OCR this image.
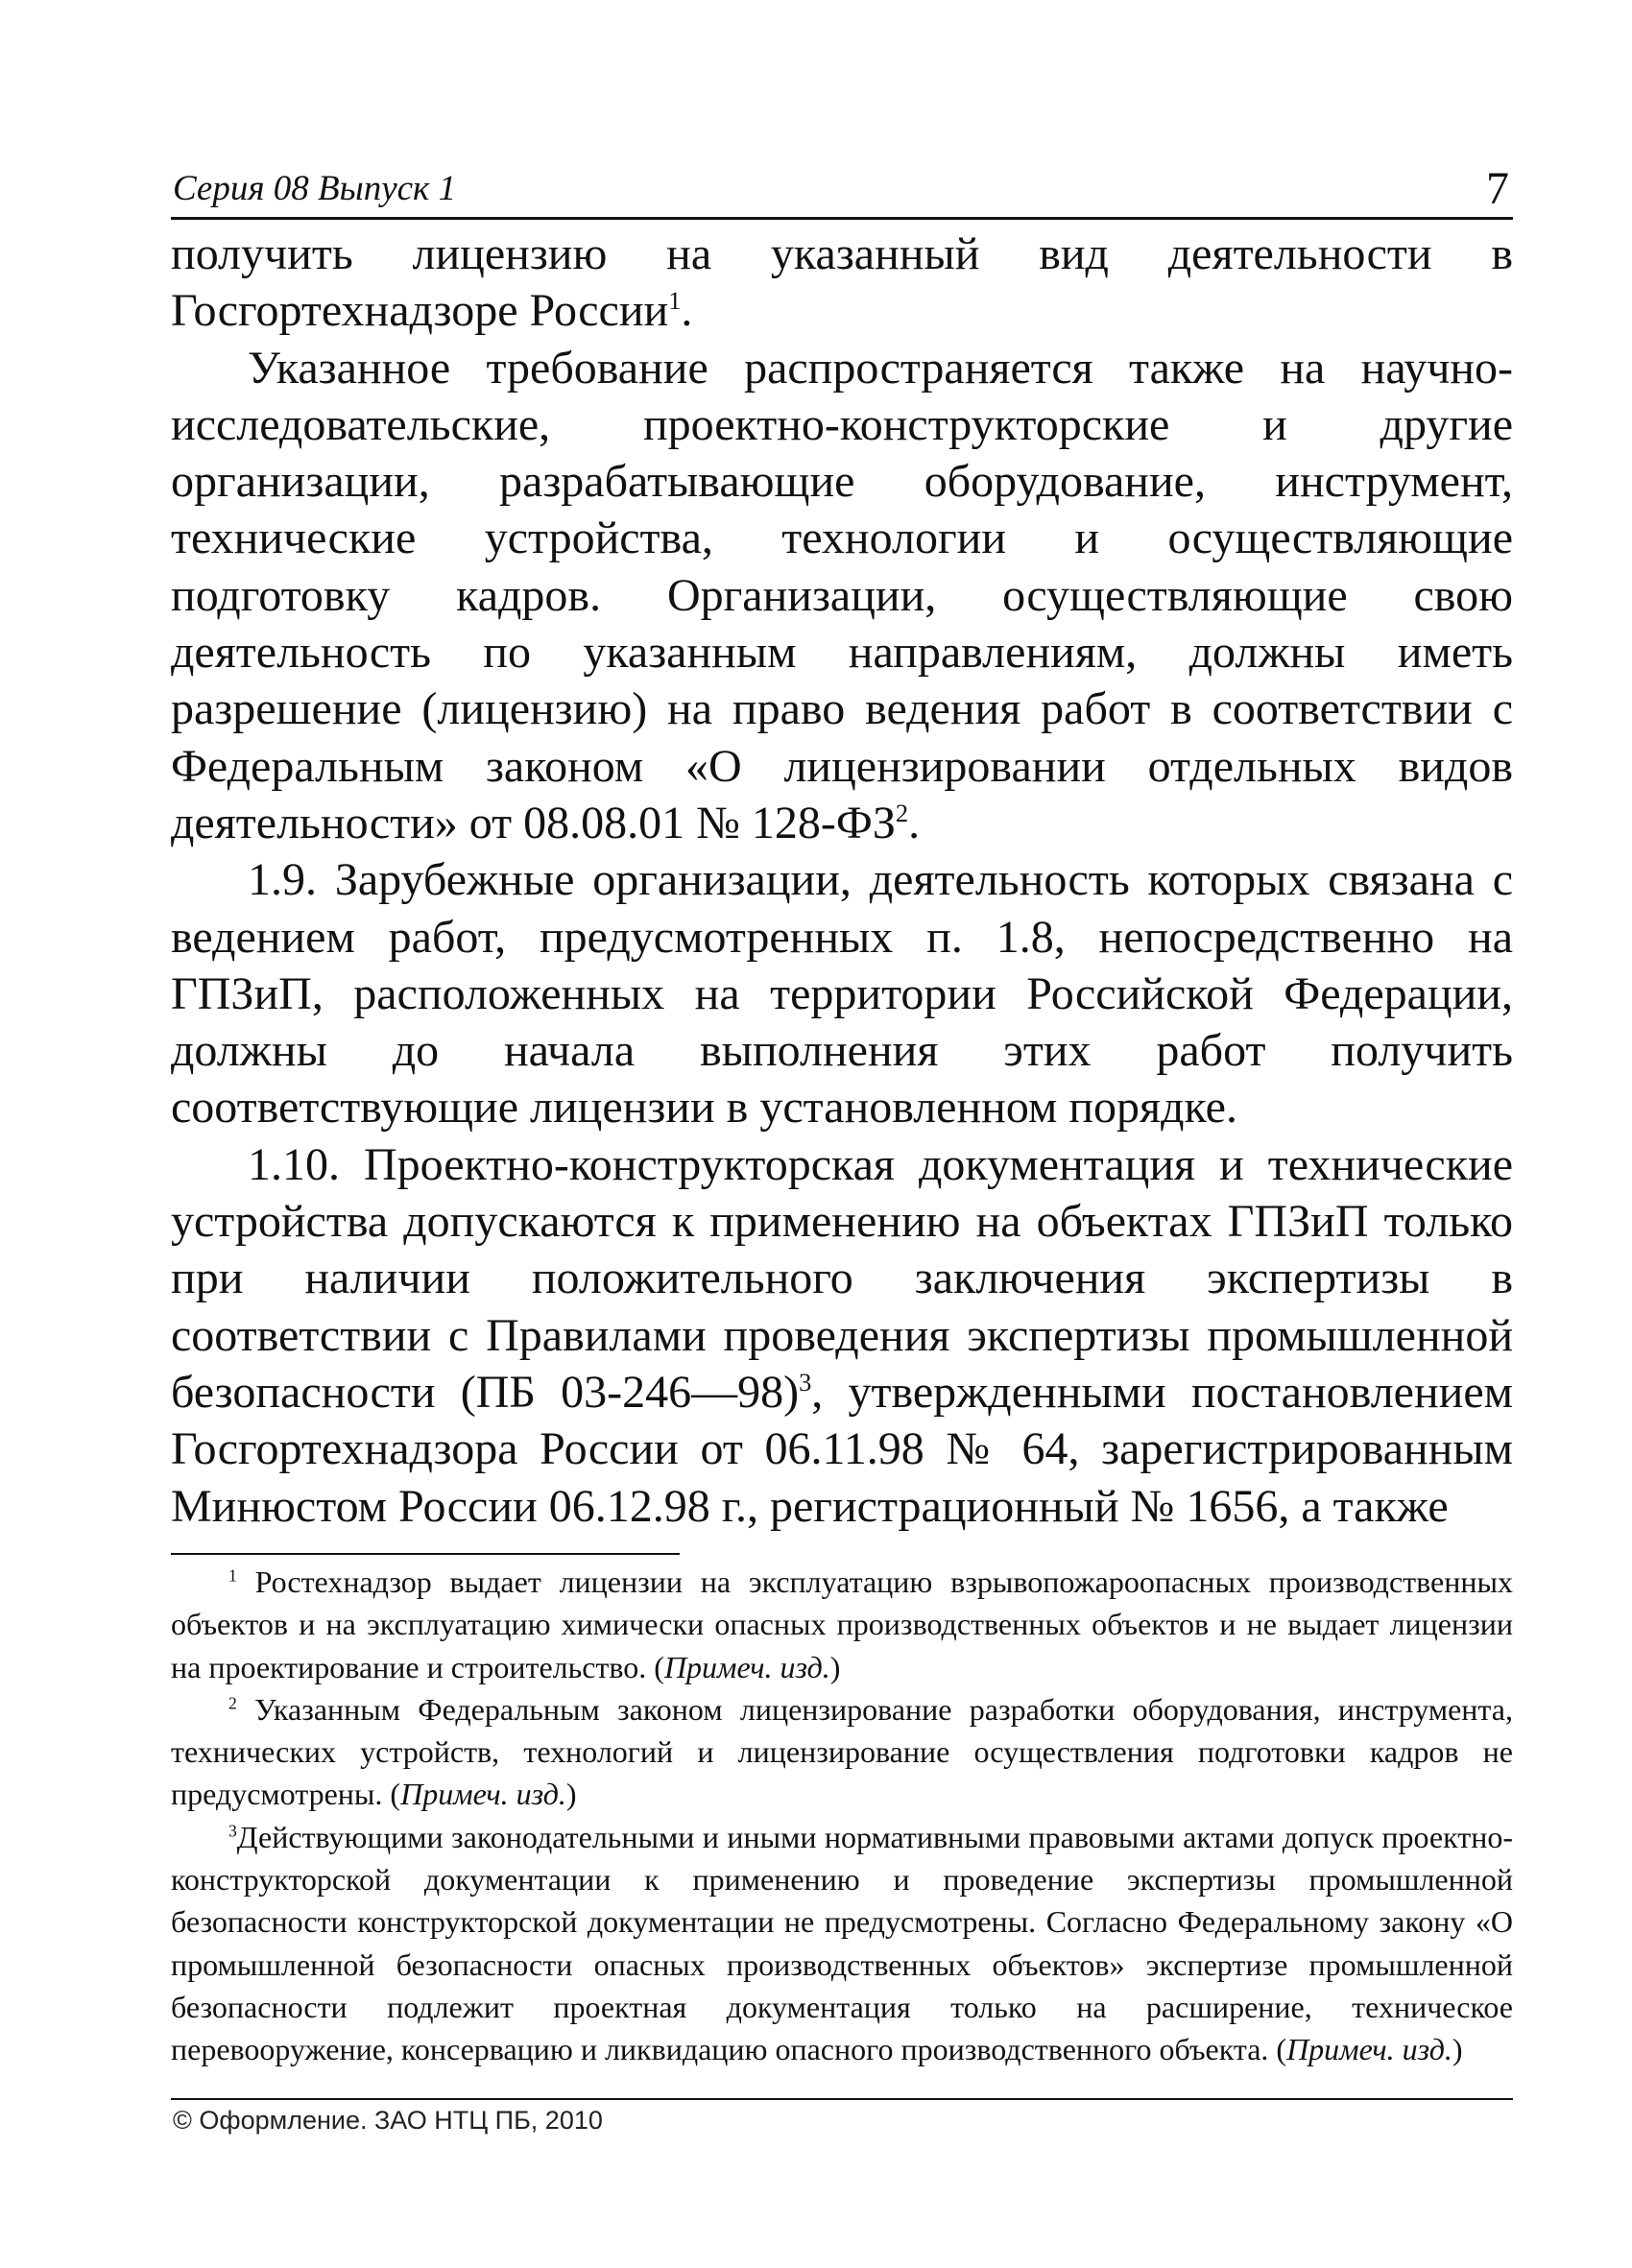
Серия 08 Выпуск 1	7

получить лицензию на указанный вид деятельности в Госгортехнадзоре России$^1$.

Указанное требование распространяется также на научно-исследовательские, проектно-конструкторские и другие организации, разрабатывающие оборудование, инструмент, технические устройства, технологии и осуществляющие подготовку кадров. Организации, осуществляющие свою деятельность по указанным направлениям, должны иметь разрешение (лицензию) на право ведения работ в соответствии с Федеральным законом «О лицензировании отдельных видов деятельности» от 08.08.01 № $128-ФЗ^2$.

1.9. Зарубежные организации, деятельность которых связана с ведением работ, предусмотренных п. 1.8, непосредственно на ГПЗиП, расположенных на территории Российской Федерации, должны до начала выполнения этих работ получить соответствующие лицензии в установленном порядке.

1.10. Проектно-конструкторская документация и технические устройства допускаются к применению на объектах ГПЗиП только при наличии положительного заключения экспертизы в соответствии с Правилами проведения экспертизы промышленной безопасности (ПБ 03-246—98)$^3$, утвержденными постановлением Госгортехнадзора России от 06.11.98 № 64, зарегистрированным Минюстом России 06.12.98 г., регистрационный № 1656, а также

$^1$ Ростехнадзор выдает лицензии на эксплуатацию взрывопожароопасных производственных объектов и на эксплуатацию химически опасных производственных объектов и не выдает лицензии на проектирование и строительство. (Примеч. изд.)

$^2$ Указанным Федеральным законом лицензирование разработки оборудования, инструмента, технических устройств, технологий и лицензирование осуществления подготовки кадров не предусмотрены. (Примеч. изд.)

$^3$Действующими законодательными и иными нормативными правовыми актами допуск проектно-конструкторской документации к применению и проведение экспертизы промышленной безопасности конструкторской документации не предусмотрены. Согласно Федеральному закону «О промышленной безопасности опасных производственных объектов» экспертизе промышленной безопасности подлежит проектная документация только на расширение, техническое перевооружение, консервацию и ликвидацию опасного производственного объекта. (Примеч. изд.)

© Оформление. ЗАО НТЦ ПБ, 2010
